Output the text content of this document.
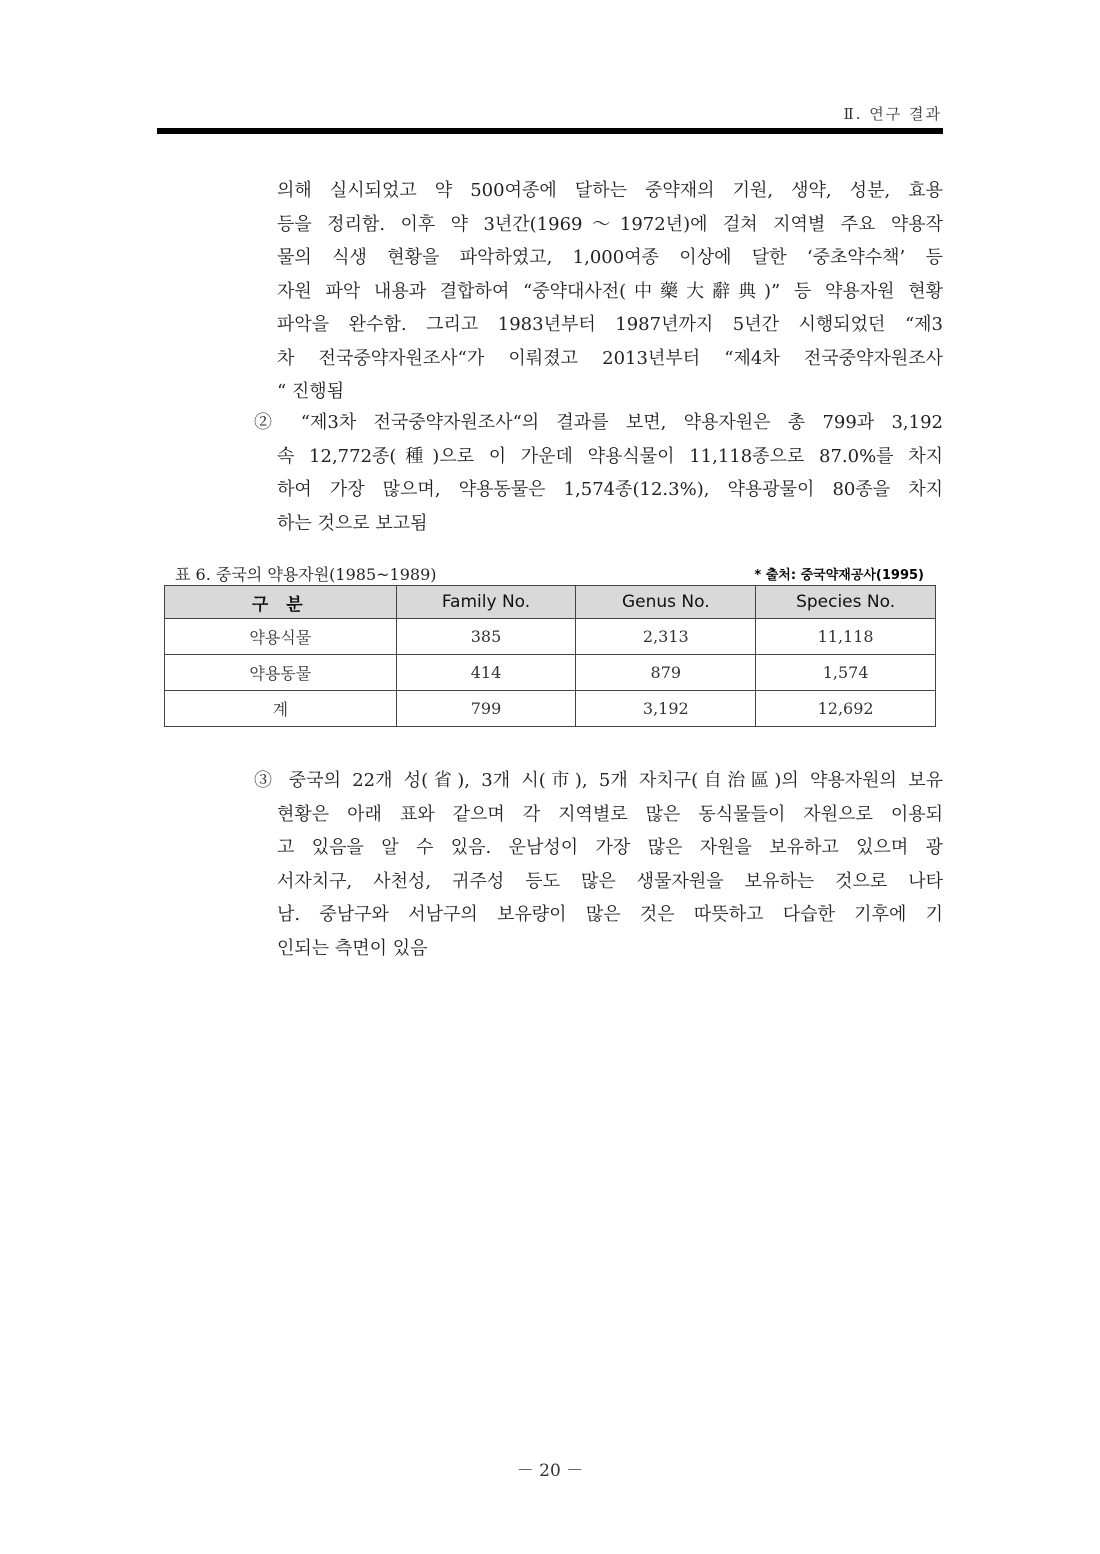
Ⅱ. 연구 결과
의해 실시되었고 약 500여종에 달하는 중약재의 기원, 생약, 성분, 효용
등을 정리함. 이후 약 3년간(1969～1972년)에 걸쳐 지역별 주요 약용작
물의 식생 현황을 파악하였고, 1,000여종 이상에 달한 ‘중초약수책’ 등
자원 파악 내용과 결합하여 “중약대사전(中藥大辭典)” 등 약용자원 현황
파악을 완수함. 그리고 1983년부터 1987년까지 5년간 시행되었던 “제3
차 전국중약자원조사“가 이뤄졌고 2013년부터 “제4차 전국중약자원조사
“ 진행됨
② “제3차 전국중약자원조사“의 결과를 보면, 약용자원은 총 799과 3,192
속 12,772종(種)으로 이 가운데 약용식물이 11,118종으로 87.0%를 차지
하여 가장 많으며, 약용동물은 1,574종(12.3%), 약용광물이 80종을 차지
하는 것으로 보고됨
표 6. 중국의 약용자원(1985~1989)	* 출처: 중국약재공사(1995)
구 분	Family No.	Genus No.	Species No.
약용식물	385	2,313	11,118
약용동물	414	879	1,574
계	799	3,192	12,692
③ 중국의 22개 성(省), 3개 시(市), 5개 자치구(自治區)의 약용자원의 보유
현황은 아래 표와 같으며 각 지역별로 많은 동식물들이 자원으로 이용되
고 있음을 알 수 있음. 운남성이 가장 많은 자원을 보유하고 있으며 광
서자치구, 사천성, 귀주성 등도 많은 생물자원을 보유하는 것으로 나타
남. 중남구와 서남구의 보유량이 많은 것은 따뜻하고 다습한 기후에 기
인되는 측면이 있음
－ 20 －
